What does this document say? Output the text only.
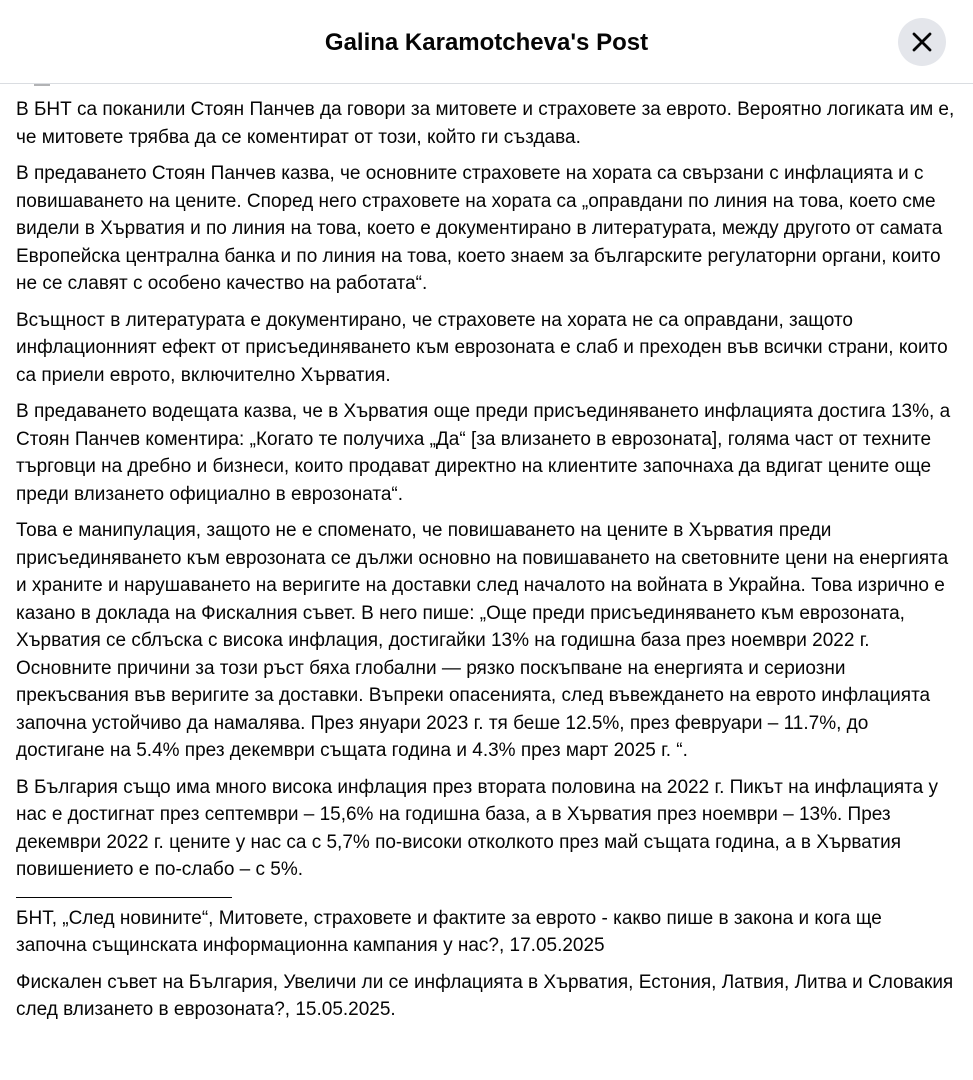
Galina Karamotcheva's Post

В БНТ са поканили Стоян Панчев да говори за митовете и страховете за еврото. Вероятно логиката им е, че митовете трябва да се коментират от този, който ги създава.

В предаването Стоян Панчев казва, че основните страховете на хората са свързани с инфлацията и с повишаването на цените. Според него страховете на хората са „оправдани по линия на това, което сме видели в Хърватия и по линия на това, което е документирано в литературата, между другото от самата Европейска централна банка и по линия на това, което знаем за българските регулаторни органи, които не се славят с особено качество на работата“.

Всъщност в литературата е документирано, че страховете на хората не са оправдани, защото инфлационният ефект от присъединяването към еврозоната е слаб и преходен във всички страни, които са приели еврото, включително Хърватия.

В предаването водещата казва, че в Хърватия още преди присъединяването инфлацията достига 13%, а Стоян Панчев коментира: „Когато те получиха „Да“ [за влизането в еврозоната], голяма част от техните търговци на дребно и бизнеси, които продават директно на клиентите започнаха да вдигат цените още преди влизането официално в еврозоната“.

Това е манипулация, защото не е споменато, че повишаването на цените в Хърватия преди присъединяването към еврозоната се дължи основно на повишаването на световните цени на енергията и храните и нарушаването на веригите на доставки след началото на войната в Украйна. Това изрично е казано в доклада на Фискалния съвет. В него пише: „Още преди присъединяването към еврозоната, Хърватия се сблъска с висока инфлация, достигайки 13% на годишна база през ноември 2022 г. Основните причини за този ръст бяха глобални — рязко поскъпване на енергията и сериозни прекъсвания във веригите за доставки. Въпреки опасенията, след въвеждането на еврото инфлацията започна устойчиво да намалява. През януари 2023 г. тя беше 12.5%, през февруари – 11.7%, до достигане на 5.4% през декември същата година и 4.3% през март 2025 г. “.

В България също има много висока инфлация през втората половина на 2022 г. Пикът на инфлацията у нас е достигнат през септември – 15,6% на годишна база, а в Хърватия през ноември – 13%. През декември 2022 г. цените у нас са с 5,7% по-високи отколкото през май същата година, а в Хърватия повишението е по-слабо – с 5%.

БНТ, „След новините“, Митовете, страховете и фактите за еврото - какво пише в закона и кога ще започна същинската информационна кампания у нас?, 17.05.2025

Фискален съвет на България, Увеличи ли се инфлацията в Хърватия, Естония, Латвия, Литва и Словакия след влизането в еврозоната?, 15.05.2025.
